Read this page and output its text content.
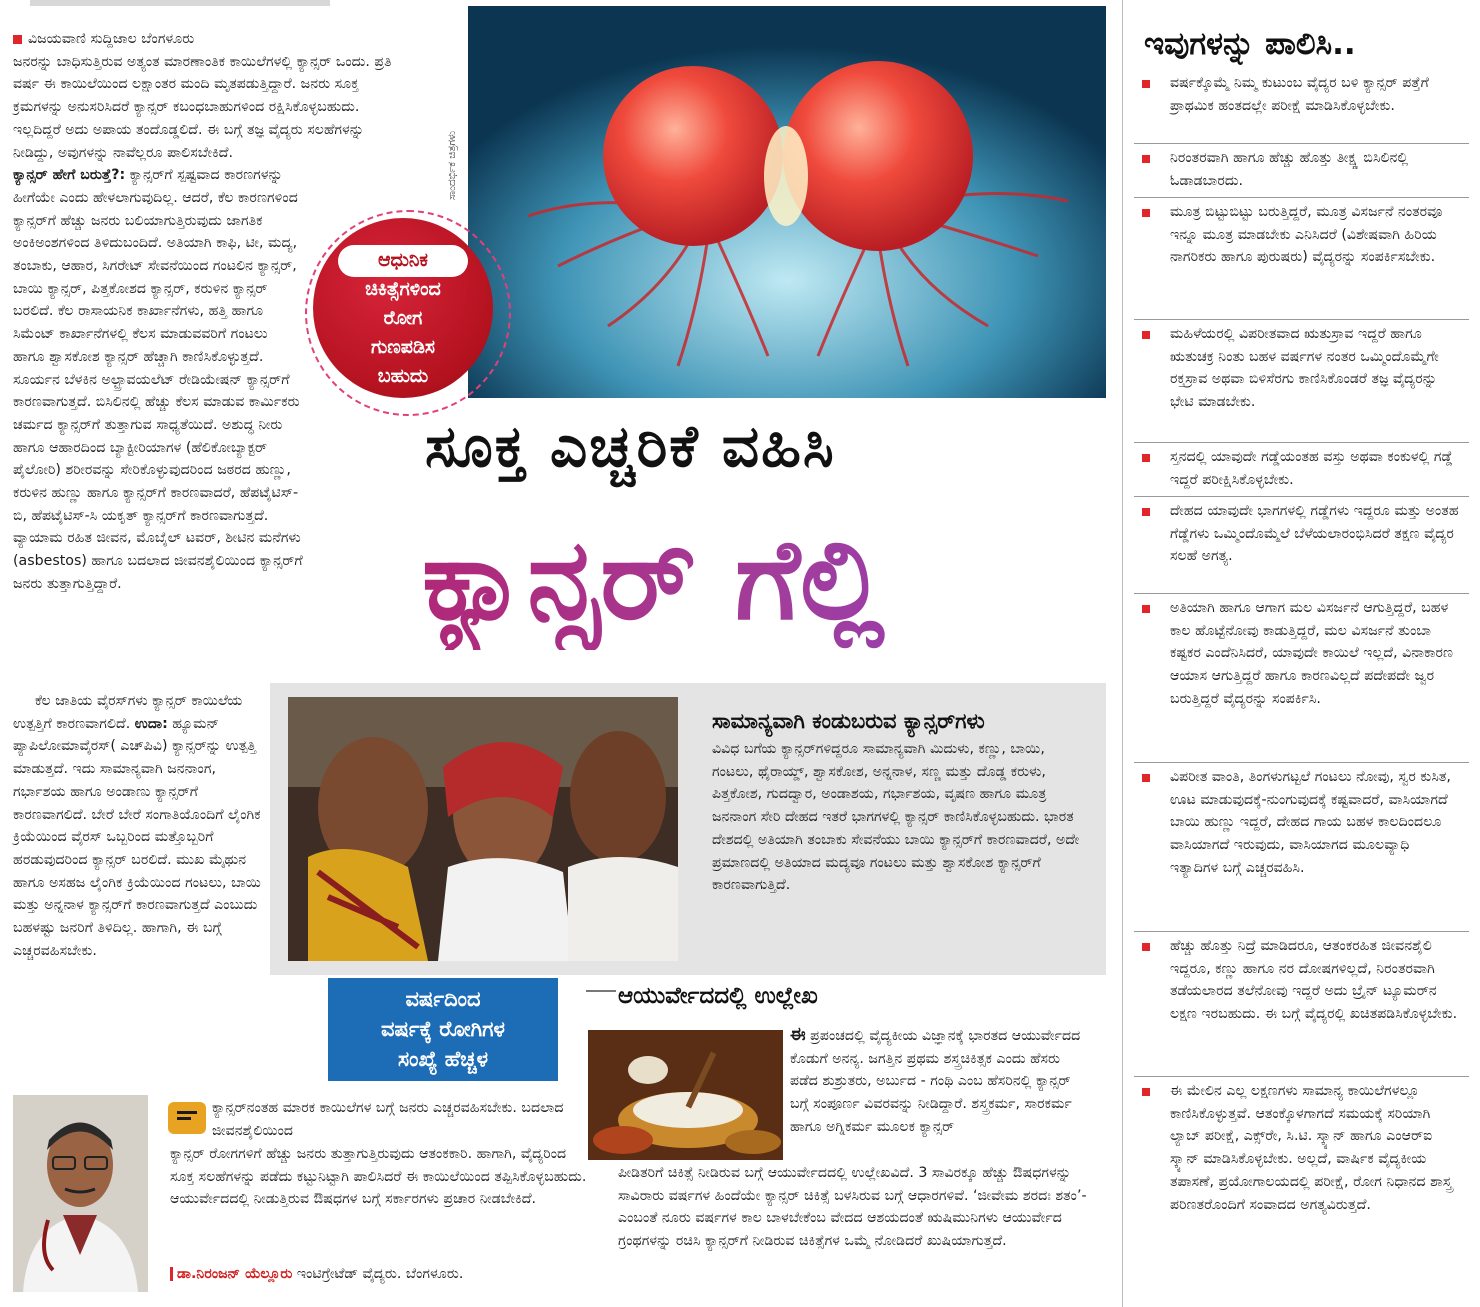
ವಿಜಯವಾಣಿ ಸುದ್ದಿಜಾಲ ಬೆಂಗಳೂರು

ಜನರನ್ನು ಬಾಧಿಸುತ್ತಿರುವ ಅತ್ಯಂತ ಮಾರಣಾಂತಿಕ ಕಾಯಿಲೆಗಳಲ್ಲಿ ಕ್ಯಾನ್ಸರ್ ಒಂದು. ಪ್ರತಿ ವರ್ಷ ಈ ಕಾಯಿಲೆಯಿಂದ ಲಕ್ಷಾಂತರ ಮಂದಿ ಮೃತಪಡುತ್ತಿದ್ದಾರೆ. ಜನರು ಸೂಕ್ತ ಕ್ರಮಗಳನ್ನು ಅನುಸರಿಸಿದರೆ ಕ್ಯಾನ್ಸರ್ ಕಬಂಧಬಾಹುಗಳಿಂದ ರಕ್ಷಿಸಿಕೊಳ್ಳಬಹುದು. ಇಲ್ಲದಿದ್ದರೆ ಅದು ಅಪಾಯ ತಂದೊಡ್ಡಲಿದೆ. ಈ ಬಗ್ಗೆ ತಜ್ಞ ವೈದ್ಯರು ಸಲಹೆಗಳನ್ನು ನೀಡಿದ್ದು, ಅವುಗಳನ್ನು ನಾವೆಲ್ಲರೂ ಪಾಲಿಸಬೇಕಿದೆ.

ಕ್ಯಾನ್ಸರ್ ಹೇಗೆ ಬರುತ್ತೆ?: ಕ್ಯಾನ್ಸರ್‌ಗೆ ಸ್ಪಷ್ಟವಾದ ಕಾರಣಗಳನ್ನು ಹೀಗೆಯೇ ಎಂದು ಹೇಳಲಾಗುವುದಿಲ್ಲ. ಆದರೆ, ಕೆಲ ಕಾರಣಗಳಿಂದ ಕ್ಯಾನ್ಸರ್‌ಗೆ ಹೆಚ್ಚು ಜನರು ಬಲಿಯಾಗುತ್ತಿರುವುದು ಜಾಗತಿಕ ಅಂಕಿಅಂಶಗಳಿಂದ ತಿಳಿದುಬಂದಿದೆ. ಅತಿಯಾಗಿ ಕಾಫಿ, ಟೀ, ಮದ್ಯ, ತಂಬಾಕು, ಆಹಾರ, ಸಿಗರೇಟ್ ಸೇವನೆಯಿಂದ ಗಂಟಲಿನ ಕ್ಯಾನ್ಸರ್, ಬಾಯಿ ಕ್ಯಾನ್ಸರ್, ಪಿತ್ತಕೋಶದ ಕ್ಯಾನ್ಸರ್, ಕರುಳಿನ ಕ್ಯಾನ್ಸರ್ ಬರಲಿದೆ. ಕೆಲ ರಾಸಾಯನಿಕ ಕಾರ್ಖಾನೆಗಳು, ಹತ್ತಿ ಹಾಗೂ ಸಿಮೆಂಟ್ ಕಾರ್ಖಾನೆಗಳಲ್ಲಿ ಕೆಲಸ ಮಾಡುವವರಿಗೆ ಗಂಟಲು ಹಾಗೂ ಶ್ವಾಸಕೋಶ ಕ್ಯಾನ್ಸರ್ ಹೆಚ್ಚಾಗಿ ಕಾಣಿಸಿಕೊಳ್ಳುತ್ತದೆ. ಸೂರ್ಯನ ಬೆಳಕಿನ ಅಲ್ಟ್ರಾವಯಲೆಟ್ ರೇಡಿಯೇಷನ್ ಕ್ಯಾನ್ಸರ್‌ಗೆ ಕಾರಣವಾಗುತ್ತದೆ. ಬಿಸಿಲಿನಲ್ಲಿ ಹೆಚ್ಚು ಕೆಲಸ ಮಾಡುವ ಕಾರ್ಮಿಕರು ಚರ್ಮದ ಕ್ಯಾನ್ಸರ್‌ಗೆ ತುತ್ತಾಗುವ ಸಾಧ್ಯತೆಯಿದೆ. ಅಶುದ್ಧ ನೀರು ಹಾಗೂ ಆಹಾರದಿಂದ ಬ್ಯಾಕ್ಟೀರಿಯಾಗಳ (ಹೆಲಿಕೋಬ್ಯಾಕ್ಟರ್ ಪೈಲೋರಿ) ಶರೀರವನ್ನು ಸೇರಿಕೊಳ್ಳುವುದರಿಂದ ಜಠರದ ಹುಣ್ಣು, ಕರುಳಿನ ಹುಣ್ಣು ಹಾಗೂ ಕ್ಯಾನ್ಸರ್‌ಗೆ ಕಾರಣವಾದರೆ, ಹೆಪಟೈಟಿಸ್-ಬಿ, ಹೆಪಟೈಟಿಸ್-ಸಿ ಯಕೃತ್ ಕ್ಯಾನ್ಸರ್‌ಗೆ ಕಾರಣವಾಗುತ್ತದೆ. ವ್ಯಾಯಾಮ ರಹಿತ ಜೀವನ, ಮೊಬೈಲ್ ಟವರ್, ಶೀಟಿನ ಮನೆಗಳು (asbestos) ಹಾಗೂ ಬದಲಾದ ಜೀವನಶೈಲಿಯಿಂದ ಕ್ಯಾನ್ಸರ್‌ಗೆ ಜನರು ತುತ್ತಾಗುತ್ತಿದ್ದಾರೆ.

ಸಾಂದರ್ಭಿಕ ಚಿತ್ರಗಳು
ಆಧುನಿಕ
ಚಿಕಿತ್ಸೆಗಳಿಂದ
ರೋಗ
ಗುಣಪಡಿಸ
ಬಹುದು
ಸೂಕ್ತ ಎಚ್ಚರಿಕೆ ವಹಿಸಿ
ಕ್ಯಾನ್ಸರ್ ಗೆಲ್ಲಿ
ಸಾಮಾನ್ಯವಾಗಿ ಕಂಡುಬರುವ ಕ್ಯಾನ್ಸರ್‌ಗಳು
ವಿವಿಧ ಬಗೆಯ ಕ್ಯಾನ್ಸರ್‌ಗಳಿದ್ದರೂ ಸಾಮಾನ್ಯವಾಗಿ ಮಿದುಳು, ಕಣ್ಣು, ಬಾಯಿ, ಗಂಟಲು, ಥೈರಾಯ್ಡ್, ಶ್ವಾಸಕೋಶ, ಅನ್ನನಾಳ, ಸಣ್ಣ ಮತ್ತು ದೊಡ್ಡ ಕರುಳು, ಪಿತ್ತಕೋಶ, ಗುದದ್ವಾರ, ಅಂಡಾಶಯ, ಗರ್ಭಾಶಯ, ವೃಷಣ ಹಾಗೂ ಮೂತ್ರ ಜನನಾಂಗ ಸೇರಿ ದೇಹದ ಇತರೆ ಭಾಗಗಳಲ್ಲಿ ಕ್ಯಾನ್ಸರ್ ಕಾಣಿಸಿಕೊಳ್ಳಬಹುದು. ಭಾರತ ದೇಶದಲ್ಲಿ ಅತಿಯಾಗಿ ತಂಬಾಕು ಸೇವನೆಯು ಬಾಯಿ ಕ್ಯಾನ್ಸರ್‌ಗೆ ಕಾರಣವಾದರೆ, ಅದೇ ಪ್ರಮಾಣದಲ್ಲಿ ಅತಿಯಾದ ಮದ್ಯವೂ ಗಂಟಲು ಮತ್ತು ಶ್ವಾಸಕೋಶ ಕ್ಯಾನ್ಸರ್‌ಗೆ ಕಾರಣವಾಗುತ್ತಿದೆ.

ಕೆಲ ಜಾತಿಯ ವೈರಸ್‌ಗಳು ಕ್ಯಾನ್ಸರ್ ಕಾಯಿಲೆಯ ಉತ್ಪತ್ತಿಗೆ ಕಾರಣವಾಗಲಿದೆ. ಉದಾ: ಹ್ಯೂಮನ್ ಪ್ಯಾಪಿಲೋಮಾವೈರಸ್( ಎಚ್‌ಪಿವಿ) ಕ್ಯಾನ್ಸರ್‌ನ್ನು ಉತ್ಪತ್ತಿ ಮಾಡುತ್ತದೆ. ಇದು ಸಾಮಾನ್ಯವಾಗಿ ಜನನಾಂಗ, ಗರ್ಭಾಶಯ ಹಾಗೂ ಅಂಡಾಣು ಕ್ಯಾನ್ಸರ್‌ಗೆ ಕಾರಣವಾಗಲಿದೆ. ಬೇರೆ ಬೇರೆ ಸಂಗಾತಿಯೊಂದಿಗೆ ಲೈಂಗಿಕ ಕ್ರಿಯೆಯಿಂದ ವೈರಸ್ ಒಬ್ಬರಿಂದ ಮತ್ತೊಬ್ಬರಿಗೆ ಹರಡುವುದರಿಂದ ಕ್ಯಾನ್ಸರ್ ಬರಲಿದೆ. ಮುಖ ಮೈಥುನ ಹಾಗೂ ಅಸಹಜ ಲೈಂಗಿಕ ಕ್ರಿಯೆಯಿಂದ ಗಂಟಲು, ಬಾಯಿ ಮತ್ತು ಅನ್ನನಾಳ ಕ್ಯಾನ್ಸರ್‌ಗೆ ಕಾರಣವಾಗುತ್ತದೆ ಎಂಬುದು ಬಹಳಷ್ಟು ಜನರಿಗೆ ತಿಳಿದಿಲ್ಲ. ಹಾಗಾಗಿ, ಈ ಬಗ್ಗೆ ಎಚ್ಚರವಹಿಸಬೇಕು.

ವರ್ಷದಿಂದ
ವರ್ಷಕ್ಕೆ ರೋಗಿಗಳ
ಸಂಖ್ಯೆ ಹೆಚ್ಚಳ
ಆಯುರ್ವೇದದಲ್ಲಿ ಉಲ್ಲೇಖ
ಈ ಪ್ರಪಂಚದಲ್ಲಿ ವೈದ್ಯಕೀಯ ವಿಜ್ಞಾನಕ್ಕೆ ಭಾರತದ ಆಯುರ್ವೇದದ ಕೊಡುಗೆ ಅನನ್ಯ. ಜಗತ್ತಿನ ಪ್ರಥಮ ಶಸ್ತ್ರಚಿಕಿತ್ಸಕ ಎಂದು ಹೆಸರು ಪಡೆದ ಶುಶ್ರುತರು, ಅರ್ಬುದ - ಗಂಥಿ ಎಂಬ ಹೆಸರಿನಲ್ಲಿ ಕ್ಯಾನ್ಸರ್ ಬಗ್ಗೆ ಸಂಪೂರ್ಣ ವಿವರವನ್ನು ನೀಡಿದ್ದಾರೆ. ಶಸ್ತ್ರಕರ್ಮ, ಸಾರಕರ್ಮ ಹಾಗೂ ಅಗ್ನಿಕರ್ಮ ಮೂಲಕ ಕ್ಯಾನ್ಸರ್
ಪೀಡಿತರಿಗೆ ಚಿಕಿತ್ಸೆ ನೀಡಿರುವ ಬಗ್ಗೆ ಆಯುರ್ವೇದದಲ್ಲಿ ಉಲ್ಲೇಖವಿದೆ. 3 ಸಾವಿರಕ್ಕೂ ಹೆಚ್ಚು ಔಷಧಗಳನ್ನು ಸಾವಿರಾರು ವರ್ಷಗಳ ಹಿಂದೆಯೇ ಕ್ಯಾನ್ಸರ್ ಚಿಕಿತ್ಸೆ ಬಳಸಿರುವ ಬಗ್ಗೆ ಆಧಾರಗಳಿವೆ. ‘ಜೀವೇಮ ಶರದಃ ಶತಂ’- ಎಂಬಂತೆ ನೂರು ವರ್ಷಗಳ ಕಾಲ ಬಾಳಬೇಕೆಂಬ ವೇದದ ಆಶಯದಂತೆ ಋಷಿಮುನಿಗಳು ಆಯುರ್ವೇದ ಗ್ರಂಥಗಳನ್ನು ರಚಿಸಿ ಕ್ಯಾನ್ಸರ್‌ಗೆ ನೀಡಿರುವ ಚಿಕಿತ್ಸೆಗಳ ಒಮ್ಮೆ ನೋಡಿದರೆ ಖುಷಿಯಾಗುತ್ತದೆ.
ಕ್ಯಾನ್ಸರ್‌ನಂತಹ ಮಾರಕ ಕಾಯಿಲೆಗಳ ಬಗ್ಗೆ ಜನರು ಎಚ್ಚರವಹಿಸಬೇಕು. ಬದಲಾದ ಜೀವನಶೈಲಿಯಿಂದ
ಕ್ಯಾನ್ಸರ್ ರೋಗಗಳಿಗೆ ಹೆಚ್ಚು ಜನರು ತುತ್ತಾಗುತ್ತಿರುವುದು ಆತಂಕಕಾರಿ. ಹಾಗಾಗಿ, ವೈದ್ಯರಿಂದ ಸೂಕ್ತ ಸಲಹೆಗಳನ್ನು ಪಡೆದು ಕಟ್ಟುನಿಟ್ಟಾಗಿ ಪಾಲಿಸಿದರೆ ಈ ಕಾಯಿಲೆಯಿಂದ ತಪ್ಪಿಸಿಕೊಳ್ಳಬಹುದು. ಆಯುರ್ವೇದದಲ್ಲಿ ನೀಡುತ್ತಿರುವ ಔಷಧಗಳ ಬಗ್ಗೆ ಸರ್ಕಾರಗಳು ಪ್ರಚಾರ ನೀಡಬೇಕಿದೆ.
ಡಾ.ನಿರಂಜನ್ ಯೆಲ್ಲೂರು ಇಂಟಿಗ್ರೇಟೆಡ್ ವೈದ್ಯರು. ಬೆಂಗಳೂರು.
ಇವುಗಳನ್ನು ಪಾಲಿಸಿ..
ವರ್ಷಕ್ಕೊಮ್ಮೆ ನಿಮ್ಮ ಕುಟುಂಬ ವೈದ್ಯರ ಬಳಿ ಕ್ಯಾನ್ಸರ್ ಪತ್ತೆಗೆ ಪ್ರಾಥಮಿಕ ಹಂತದಲ್ಲೇ ಪರೀಕ್ಷೆ ಮಾಡಿಸಿಕೊಳ್ಳಬೇಕು.
ನಿರಂತರವಾಗಿ ಹಾಗೂ ಹೆಚ್ಚು ಹೊತ್ತು ತೀಕ್ಷ್ಣ ಬಿಸಿಲಿನಲ್ಲಿ ಓಡಾಡಬಾರದು.
ಮೂತ್ರ ಬಿಟ್ಟುಬಿಟ್ಟು ಬರುತ್ತಿದ್ದರೆ, ಮೂತ್ರ ವಿಸರ್ಜನೆ ನಂತರವೂ ಇನ್ನೂ ಮೂತ್ರ ಮಾಡಬೇಕು ಎನಿಸಿದರೆ (ವಿಶೇಷವಾಗಿ ಹಿರಿಯ ನಾಗರಿಕರು ಹಾಗೂ ಪುರುಷರು) ವೈದ್ಯರನ್ನು ಸಂಪರ್ಕಿಸಬೇಕು.
ಮಹಿಳೆಯರಲ್ಲಿ ವಿಪರೀತವಾದ ಋತುಸ್ರಾವ ಇದ್ದರೆ ಹಾಗೂ ಋತುಚಕ್ರ ನಿಂತು ಬಹಳ ವರ್ಷಗಳ ನಂತರ ಒಮ್ಮಿಂದೊಮ್ಮೆಗೇ ರಕ್ತಸ್ರಾವ ಅಥವಾ ಬಿಳಿಸೆರಗು ಕಾಣಿಸಿಕೊಂಡರೆ ತಜ್ಞ ವೈದ್ಯರನ್ನು ಭೇಟಿ ಮಾಡಬೇಕು.
ಸ್ತನದಲ್ಲಿ ಯಾವುದೇ ಗಡ್ಡೆಯಂತಹ ವಸ್ತು ಅಥವಾ ಕಂಕುಳಲ್ಲಿ ಗಡ್ಡೆ ಇದ್ದರೆ ಪರೀಕ್ಷಿಸಿಕೊಳ್ಳಬೇಕು.
ದೇಹದ ಯಾವುದೇ ಭಾಗಗಳಲ್ಲಿ ಗಡ್ಡೆಗಳು ಇದ್ದರೂ ಮತ್ತು ಅಂತಹ ಗೆಡ್ಡೆಗಳು ಒಮ್ಮಿಂದೊಮ್ಮೆಲೆ ಬೆಳೆಯಲಾರಂಭಿಸಿದರೆ ತಕ್ಷಣ ವೈದ್ಯರ ಸಲಹೆ ಅಗತ್ಯ.
ಅತಿಯಾಗಿ ಹಾಗೂ ಆಗಾಗ ಮಲ ವಿಸರ್ಜನೆ ಆಗುತ್ತಿದ್ದರೆ, ಬಹಳ ಕಾಲ ಹೊಟ್ಟೆನೋವು ಕಾಡುತ್ತಿದ್ದರೆ, ಮಲ ವಿಸರ್ಜನೆ ತುಂಬಾ ಕಷ್ಟಕರ ಎಂದೆನಿಸಿದರೆ, ಯಾವುದೇ ಕಾಯಿಲೆ ಇಲ್ಲದೆ, ವಿನಾಕಾರಣ ಆಯಾಸ ಆಗುತ್ತಿದ್ದರೆ ಹಾಗೂ ಕಾರಣವಿಲ್ಲದೆ ಪದೇಪದೇ ಜ್ವರ ಬರುತ್ತಿದ್ದರೆ ವೈದ್ಯರನ್ನು ಸಂಪರ್ಕಿಸಿ.
ವಿಪರೀತ ವಾಂತಿ, ತಿಂಗಳುಗಟ್ಟಲೆ ಗಂಟಲು ನೋವು, ಸ್ವರ ಕುಸಿತ, ಊಟ ಮಾಡುವುದಕ್ಕೆ-ನುಂಗುವುದಕ್ಕೆ ಕಷ್ಟವಾದರೆ, ವಾಸಿಯಾಗದೆ ಬಾಯಿ ಹುಣ್ಣು ಇದ್ದರೆ, ದೇಹದ ಗಾಯ ಬಹಳ ಕಾಲದಿಂದಲೂ ವಾಸಿಯಾಗದೆ ಇರುವುದು, ವಾಸಿಯಾಗದ ಮೂಲವ್ಯಾಧಿ ಇತ್ಯಾದಿಗಳ ಬಗ್ಗೆ ಎಚ್ಚರವಹಿಸಿ.
ಹೆಚ್ಚು ಹೊತ್ತು ನಿದ್ರೆ ಮಾಡಿದರೂ, ಆತಂಕರಹಿತ ಜೀವನಶೈಲಿ ಇದ್ದರೂ, ಕಣ್ಣು ಹಾಗೂ ನರ ದೋಷಗಳಿಲ್ಲದೆ, ನಿರಂತರವಾಗಿ ತಡೆಯಲಾರದ ತಲೆನೋವು ಇದ್ದರೆ ಅದು ಬ್ರೈನ್ ಟ್ಯೂಮರ್‌ನ ಲಕ್ಷಣ ಇರಬಹುದು. ಈ ಬಗ್ಗೆ ವೈದ್ಯರಲ್ಲಿ ಖಚಿತಪಡಿಸಿಕೊಳ್ಳಬೇಕು.
ಈ ಮೇಲಿನ ಎಲ್ಲ ಲಕ್ಷಣಗಳು ಸಾಮಾನ್ಯ ಕಾಯಿಲೆಗಳಲ್ಲೂ ಕಾಣಿಸಿಕೊಳ್ಳುತ್ತವೆ. ಆತಂಕ್ಕೊಳಗಾಗದೆ ಸಮಯಕ್ಕೆ ಸರಿಯಾಗಿ ಲ್ಯಾಬ್ ಪರೀಕ್ಷೆ, ಎಕ್ಸ್‌ರೇ, ಸಿ.ಟಿ. ಸ್ಕ್ಯಾನ್ ಹಾಗೂ ಎಂಆರ್‌ಐ ಸ್ಕ್ಯಾನ್ ಮಾಡಿಸಿಕೊಳ್ಳಬೇಕು. ಅಲ್ಲದೆ, ವಾರ್ಷಿಕ ವೈದ್ಯಕೀಯ ತಪಾಸಣೆ, ಪ್ರಯೋಗಾಲಯದಲ್ಲಿ ಪರೀಕ್ಷೆ, ರೋಗ ನಿಧಾನದ ಶಾಸ್ತ್ರ ಪರಿಣತರೊಂದಿಗೆ ಸಂವಾದದ ಅಗತ್ಯವಿರುತ್ತದೆ.
